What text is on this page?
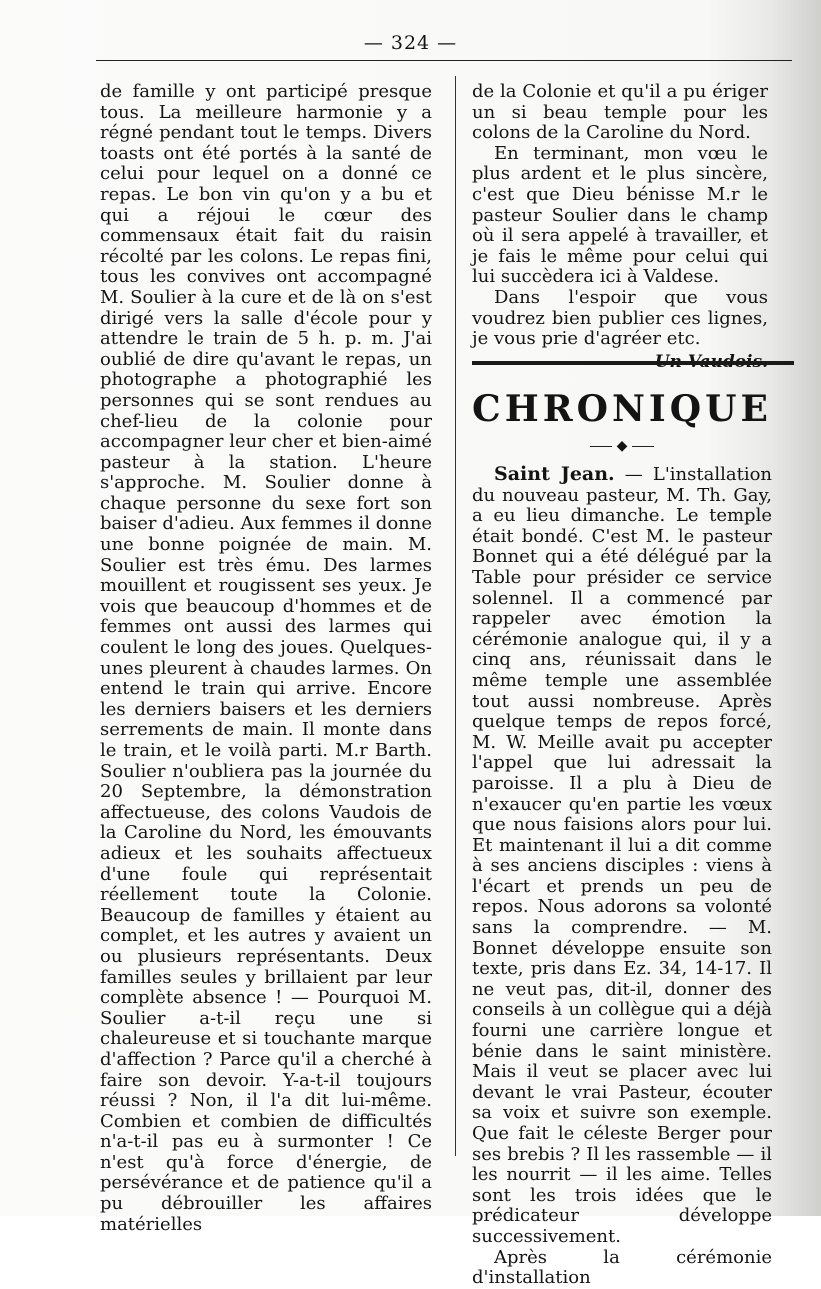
— 324 —

de famille y ont participé presque tous. La meilleure harmonie y a régné pendant tout le temps. Divers toasts ont été portés à la santé de celui pour lequel on a donné ce repas. Le bon vin qu'on y a bu et qui a réjoui le cœur des commensaux était fait du raisin récolté par les colons. Le repas fini, tous les convives ont accompagné M. Soulier à la cure et de là on s'est dirigé vers la salle d'école pour y attendre le train de 5 h. p. m. J'ai oublié de dire qu'avant le repas, un photographe a photographié les personnes qui se sont rendues au chef-lieu de la colonie pour accompagner leur cher et bien-aimé pasteur à la station. L'heure s'approche. M. Soulier donne à chaque personne du sexe fort son baiser d'adieu. Aux femmes il donne une bonne poignée de main. M. Soulier est très ému. Des larmes mouillent et rougissent ses yeux. Je vois que beaucoup d'hommes et de femmes ont aussi des larmes qui coulent le long des joues. Quelques-unes pleurent à chaudes larmes. On entend le train qui arrive. Encore les derniers baisers et les derniers serrements de main. Il monte dans le train, et le voilà parti. M.r Barth. Soulier n'oubliera pas la journée du 20 Septembre, la démonstration affectueuse, des colons Vaudois de la Caroline du Nord, les émouvants adieux et les souhaits affectueux d'une foule qui représentait réellement toute la Colonie. Beaucoup de familles y étaient au complet, et les autres y avaient un ou plusieurs représentants. Deux familles seules y brillaient par leur complète absence ! — Pourquoi M. Soulier a-t-il reçu une si chaleureuse et si touchante marque d'affection ? Parce qu'il a cherché à faire son devoir. Y-a-t-il toujours réussi ? Non, il l'a dit lui-même. Combien et combien de difficultés n'a-t-il pas eu à surmonter ! Ce n'est qu'à force d'énergie, de persévérance et de patience qu'il a pu débrouiller les affaires matérielles

de la Colonie et qu'il a pu ériger un si beau temple pour les colons de la Caroline du Nord.

En terminant, mon vœu le plus ardent et le plus sincère, c'est que Dieu bénisse M.r le pasteur Soulier dans le champ où il sera appelé à travailler, et je fais le même pour celui qui lui succèdera ici à Valdese.

Dans l'espoir que vous voudrez bien publier ces lignes, je vous prie d'agréer etc.

CHRONIQUE
◆

Saint Jean. — L'installation du nouveau pasteur, M. Th. Gay, a eu lieu dimanche. Le temple était bondé. C'est M. le pasteur Bonnet qui a été délégué par la Table pour présider ce service solennel. Il a commencé par rappeler avec émotion la cérémonie analogue qui, il y a cinq ans, réunissait dans le même temple une assemblée tout aussi nombreuse. Après quelque temps de repos forcé, M. W. Meille avait pu accepter l'appel que lui adressait la paroisse. Il a plu à Dieu de n'exaucer qu'en partie les vœux que nous faisions alors pour lui. Et maintenant il lui a dit comme à ses anciens disciples : viens à l'écart et prends un peu de repos. Nous adorons sa volonté sans la comprendre. — M. Bonnet développe ensuite son texte, pris dans Ez. 34, 14-17. Il ne veut pas, dit-il, donner des conseils à un collègue qui a déjà fourni une carrière longue et bénie dans le saint ministère. Mais il veut se placer avec lui devant le vrai Pasteur, écouter sa voix et suivre son exemple. Que fait le céleste Berger pour ses brebis ? Il les rassemble — il les nourrit — il les aime. Telles sont les trois idées que le prédicateur développe successivement.

Après la cérémonie d'installation
